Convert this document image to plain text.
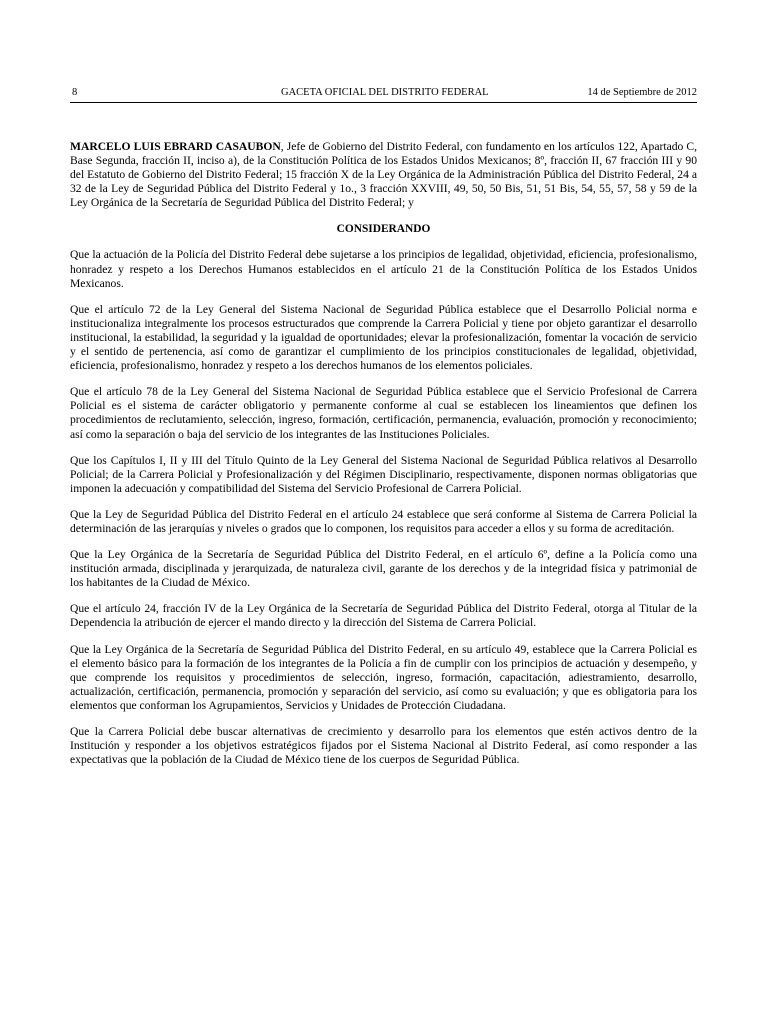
8	GACETA OFICIAL DEL DISTRITO FEDERAL	14 de Septiembre de 2012

MARCELO LUIS EBRARD CASAUBON, Jefe de Gobierno del Distrito Federal, con fundamento en los artículos 122, Apartado C, Base Segunda, fracción II, inciso a), de la Constitución Política de los Estados Unidos Mexicanos; 8º, fracción II, 67 fracción III y 90 del Estatuto de Gobierno del Distrito Federal; 15 fracción X de la Ley Orgánica de la Administración Pública del Distrito Federal, 24 a 32 de la Ley de Seguridad Pública del Distrito Federal y 1o., 3 fracción XXVIII, 49, 50, 50 Bis, 51, 51 Bis, 54, 55, 57, 58 y 59 de la Ley Orgánica de la Secretaría de Seguridad Pública del Distrito Federal; y

CONSIDERANDO

Que la actuación de la Policía del Distrito Federal debe sujetarse a los principios de legalidad, objetividad, eficiencia, profesionalismo, honradez y respeto a los Derechos Humanos establecidos en el artículo 21 de la Constitución Política de los Estados Unidos Mexicanos.

Que el artículo 72 de la Ley General del Sistema Nacional de Seguridad Pública establece que el Desarrollo Policial norma e institucionaliza integralmente los procesos estructurados que comprende la Carrera Policial y tiene por objeto garantizar el desarrollo institucional, la estabilidad, la seguridad y la igualdad de oportunidades; elevar la profesionalización, fomentar la vocación de servicio y el sentido de pertenencia, así como de garantizar el cumplimiento de los principios constitucionales de legalidad, objetividad, eficiencia, profesionalismo, honradez y respeto a los derechos humanos de los elementos policiales.

Que el artículo 78 de la Ley General del Sistema Nacional de Seguridad Pública establece que el Servicio Profesional de Carrera Policial es el sistema de carácter obligatorio y permanente conforme al cual se establecen los lineamientos que definen los procedimientos de reclutamiento, selección, ingreso, formación, certificación, permanencia, evaluación, promoción y reconocimiento; así como la separación o baja del servicio de los integrantes de las Instituciones Policiales.

Que los Capítulos I, II y III del Título Quinto de la Ley General del Sistema Nacional de Seguridad Pública relativos al Desarrollo Policial; de la Carrera Policial y Profesionalización y del Régimen Disciplinario, respectivamente, disponen normas obligatorias que imponen la adecuación y compatibilidad del Sistema del Servicio Profesional de Carrera Policial.

Que la Ley de Seguridad Pública del Distrito Federal en el artículo 24 establece que será conforme al Sistema de Carrera Policial la determinación de las jerarquías y niveles o grados que lo componen, los requisitos para acceder a ellos y su forma de acreditación.

Que la Ley Orgánica de la Secretaría de Seguridad Pública del Distrito Federal, en el artículo 6º, define a la Policía como una institución armada, disciplinada y jerarquizada, de naturaleza civil, garante de los derechos y de la integridad física y patrimonial de los habitantes de la Ciudad de México.

Que el artículo 24, fracción IV de la Ley Orgánica de la Secretaría de Seguridad Pública del Distrito Federal, otorga al Titular de la Dependencia la atribución de ejercer el mando directo y la dirección del Sistema de Carrera Policial.

Que la Ley Orgánica de la Secretaría de Seguridad Pública del Distrito Federal, en su artículo 49, establece que la Carrera Policial es el elemento básico para la formación de los integrantes de la Policía a fin de cumplir con los principios de actuación y desempeño, y que comprende los requisitos y procedimientos de selección, ingreso, formación, capacitación, adiestramiento, desarrollo, actualización, certificación, permanencia, promoción y separación del servicio, así como su evaluación; y que es obligatoria para los elementos que conforman los Agrupamientos, Servicios y Unidades de Protección Ciudadana.

Que la Carrera Policial debe buscar alternativas de crecimiento y desarrollo para los elementos que estén activos dentro de la Institución y responder a los objetivos estratégicos fijados por el Sistema Nacional al Distrito Federal, así como responder a las expectativas que la población de la Ciudad de México tiene de los cuerpos de Seguridad Pública.
